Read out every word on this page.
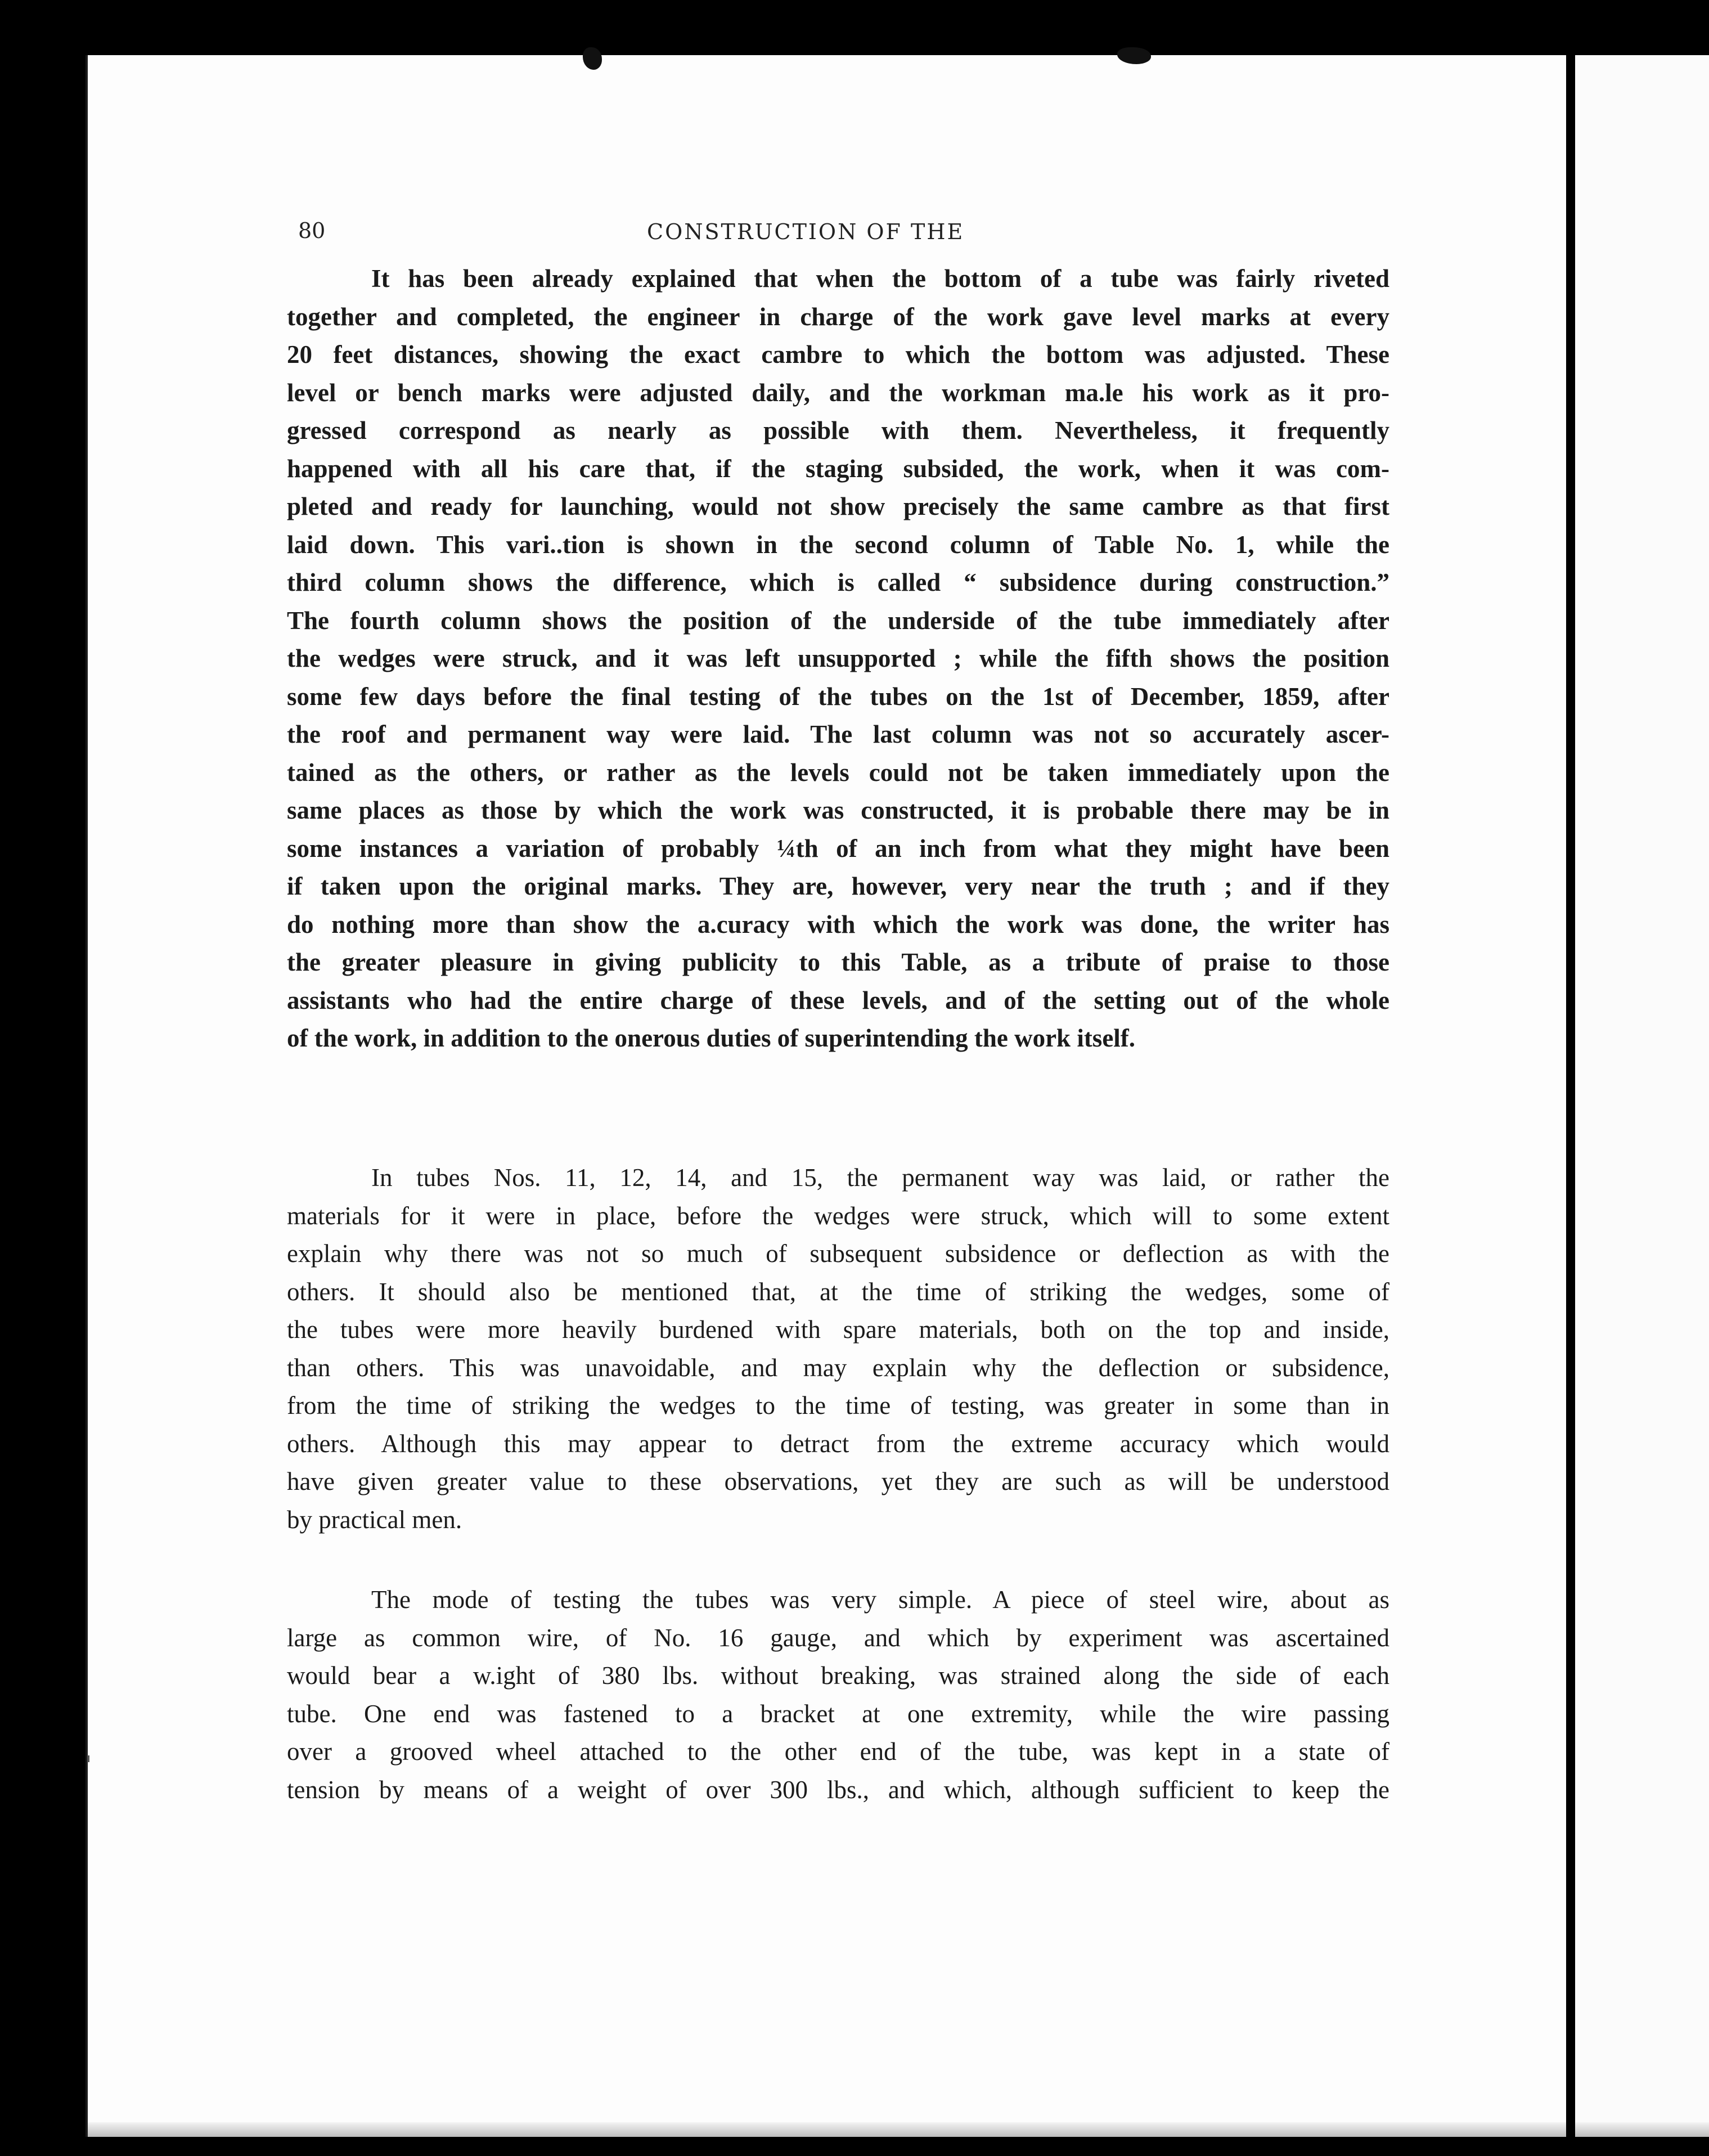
80	CONSTRUCTION OF THE
It has been already explained that when the bottom of a tube was fairly riveted
together and completed, the engineer in charge of the work gave level marks at every
20 feet distances, showing the exact cambre to which the bottom was adjusted. These
level or bench marks were adjusted daily, and the workman ma.le his work as it pro-
gressed correspond as nearly as possible with them. Nevertheless, it frequently
happened with all his care that, if the staging subsided, the work, when it was com-
pleted and ready for launching, would not show precisely the same cambre as that first
laid down. This vari..tion is shown in the second column of Table No. 1, while the
third column shows the difference, which is called “ subsidence during construction.”
The fourth column shows the position of the underside of the tube immediately after
the wedges were struck, and it was left unsupported ; while the fifth shows the position
some few days before the final testing of the tubes on the 1st of December, 1859, after
the roof and permanent way were laid. The last column was not so accurately ascer-
tained as the others, or rather as the levels could not be taken immediately upon the
same places as those by which the work was constructed, it is probable there may be in
some instances a variation of probably ¼th of an inch from what they might have been
if taken upon the original marks. They are, however, very near the truth ; and if they
do nothing more than show the a.curacy with which the work was done, the writer has
the greater pleasure in giving publicity to this Table, as a tribute of praise to those
assistants who had the entire charge of these levels, and of the setting out of the whole
of the work, in addition to the onerous duties of superintending the work itself.
In tubes Nos. 11, 12, 14, and 15, the permanent way was laid, or rather the
materials for it were in place, before the wedges were struck, which will to some extent
explain why there was not so much of subsequent subsidence or deflection as with the
others. It should also be mentioned that, at the time of striking the wedges, some of
the tubes were more heavily burdened with spare materials, both on the top and inside,
than others. This was unavoidable, and may explain why the deflection or subsidence,
from the time of striking the wedges to the time of testing, was greater in some than in
others. Although this may appear to detract from the extreme accuracy which would
have given greater value to these observations, yet they are such as will be understood
by practical men.
The mode of testing the tubes was very simple. A piece of steel wire, about as
large as common wire, of No. 16 gauge, and which by experiment was ascertained
would bear a w.ight of 380 lbs. without breaking, was strained along the side of each
tube. One end was fastened to a bracket at one extremity, while the wire passing
over a grooved wheel attached to the other end of the tube, was kept in a state of
tension by means of a weight of over 300 lbs., and which, although sufficient to keep the
